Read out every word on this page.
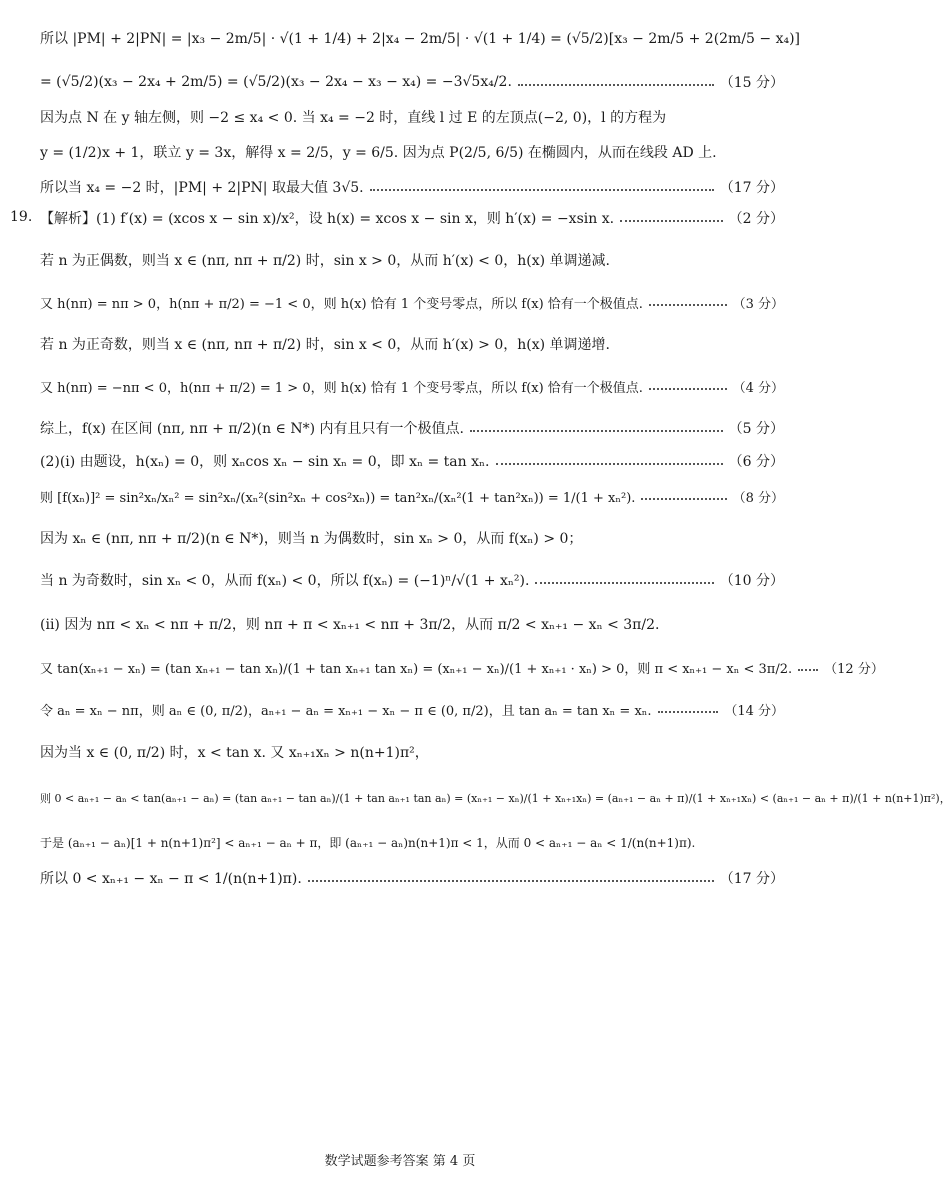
所以 |PM| + 2|PN| = |x₃ − 2m/5| · √(1 + 1/4) + 2|x₄ − 2m/5| · √(1 + 1/4) = (√5/2)[x₃ − 2m/5 + 2(2m/5 − x₄)]
= (√5/2)(x₃ − 2x₄ + 2m/5) = (√5/2)(x₃ − 2x₄ − x₃ − x₄) = −3√5x₄/2.	（15 分）
因为点 N 在 y 轴左侧，则 −2 ≤ x₄ < 0. 当 x₄ = −2 时，直线 l 过 E 的左顶点(−2, 0)，l 的方程为
y = (1/2)x + 1，联立 y = 3x，解得 x = 2/5，y = 6/5. 因为点 P(2/5, 6/5) 在椭圆内，从而在线段 AD 上.
所以当 x₄ = −2 时，|PM| + 2|PN| 取最大值 3√5.	（17 分）
【解析】(1) f′(x) = (xcos x − sin x)/x²，设 h(x) = xcos x − sin x，则 h′(x) = −xsin x.	（2 分）
19.
若 n 为正偶数，则当 x ∈ (nπ, nπ + π/2) 时，sin x > 0，从而 h′(x) < 0，h(x) 单调递减.
又 h(nπ) = nπ > 0，h(nπ + π/2) = −1 < 0，则 h(x) 恰有 1 个变号零点，所以 f(x) 恰有一个极值点.	（3 分）
若 n 为正奇数，则当 x ∈ (nπ, nπ + π/2) 时，sin x < 0，从而 h′(x) > 0，h(x) 单调递增.
又 h(nπ) = −nπ < 0，h(nπ + π/2) = 1 > 0，则 h(x) 恰有 1 个变号零点，所以 f(x) 恰有一个极值点.	（4 分）
综上，f(x) 在区间 (nπ, nπ + π/2)(n ∈ N*) 内有且只有一个极值点.	（5 分）
(2)(ⅰ) 由题设，h(xₙ) = 0，则 xₙcos xₙ − sin xₙ = 0，即 xₙ = tan xₙ.	（6 分）
则 [f(xₙ)]² = sin²xₙ/xₙ² = sin²xₙ/(xₙ²(sin²xₙ + cos²xₙ)) = tan²xₙ/(xₙ²(1 + tan²xₙ)) = 1/(1 + xₙ²).	（8 分）
因为 xₙ ∈ (nπ, nπ + π/2)(n ∈ N*)，则当 n 为偶数时，sin xₙ > 0，从而 f(xₙ) > 0；
当 n 为奇数时，sin xₙ < 0，从而 f(xₙ) < 0，所以 f(xₙ) = (−1)ⁿ/√(1 + xₙ²).	（10 分）
(ⅱ) 因为 nπ < xₙ < nπ + π/2，则 nπ + π < xₙ₊₁ < nπ + 3π/2，从而 π/2 < xₙ₊₁ − xₙ < 3π/2.
又 tan(xₙ₊₁ − xₙ) = (tan xₙ₊₁ − tan xₙ)/(1 + tan xₙ₊₁ tan xₙ) = (xₙ₊₁ − xₙ)/(1 + xₙ₊₁ · xₙ) > 0，则 π < xₙ₊₁ − xₙ < 3π/2. （12 分）
令 aₙ = xₙ − nπ，则 aₙ ∈ (0, π/2)，aₙ₊₁ − aₙ = xₙ₊₁ − xₙ − π ∈ (0, π/2)，且 tan aₙ = tan xₙ = xₙ.	（14 分）
因为当 x ∈ (0, π/2) 时，x < tan x. 又 xₙ₊₁xₙ > n(n+1)π²，
则 0 < aₙ₊₁ − aₙ < tan(aₙ₊₁ − aₙ) = (tan aₙ₊₁ − tan aₙ)/(1 + tan aₙ₊₁ tan aₙ) = (xₙ₊₁ − xₙ)/(1 + xₙ₊₁xₙ) = (aₙ₊₁ − aₙ + π)/(1 + xₙ₊₁xₙ) < (aₙ₊₁ − aₙ + π)/(1 + n(n+1)π²)，
于是 (aₙ₊₁ − aₙ)[1 + n(n+1)π²] < aₙ₊₁ − aₙ + π，即 (aₙ₊₁ − aₙ)n(n+1)π < 1，从而 0 < aₙ₊₁ − aₙ < 1/(n(n+1)π).
所以 0 < xₙ₊₁ − xₙ − π < 1/(n(n+1)π).	（17 分）
数学试题参考答案 第 4 页
